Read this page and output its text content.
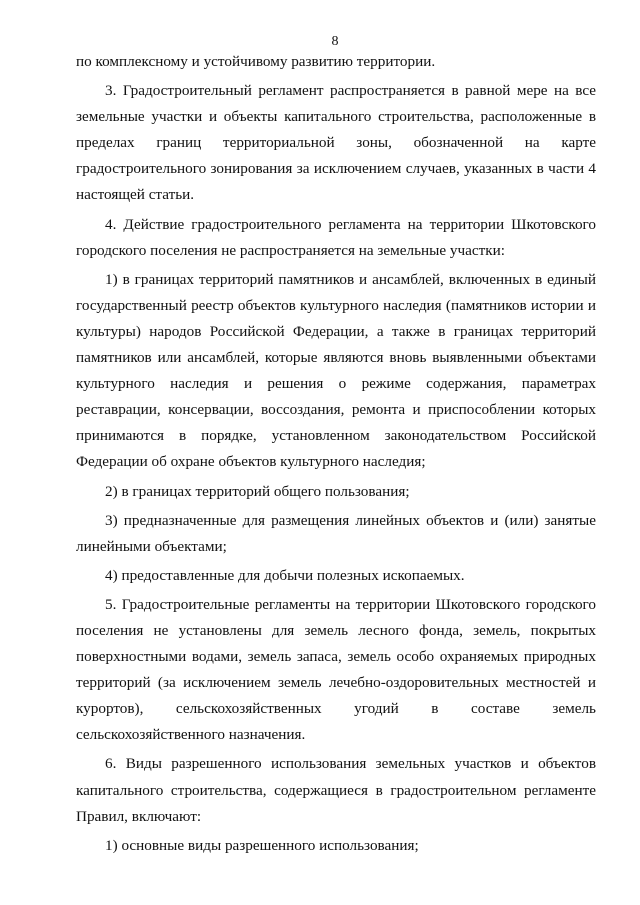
8

по комплексному и устойчивому развитию территории.

3. Градостроительный регламент распространяется в равной мере на все земельные участки и объекты капитального строительства, расположенные в пределах границ территориальной зоны, обозначенной на карте градостроительного зонирования за исключением случаев, указанных в части 4 настоящей статьи.

4. Действие градостроительного регламента на территории Шкотовского городского поселения не распространяется на земельные участки:

1) в границах территорий памятников и ансамблей, включенных в единый государственный реестр объектов культурного наследия (памятников истории и культуры) народов Российской Федерации, а также в границах территорий памятников или ансамблей, которые являются вновь выявленными объектами культурного наследия и решения о режиме содержания, параметрах реставрации, консервации, воссоздания, ремонта и приспособлении которых принимаются в порядке, установленном законодательством Российской Федерации об охране объектов культурного наследия;

2) в границах территорий общего пользования;

3) предназначенные для размещения линейных объектов и (или) занятые линейными объектами;

4) предоставленные для добычи полезных ископаемых.

5. Градостроительные регламенты на территории Шкотовского городского поселения не установлены для земель лесного фонда, земель, покрытых поверхностными водами, земель запаса, земель особо охраняемых природных территорий (за исключением земель лечебно-оздоровительных местностей и курортов), сельскохозяйственных угодий в составе земель сельскохозяйственного назначения.

6. Виды разрешенного использования земельных участков и объектов капитального строительства, содержащиеся в градостроительном регламенте Правил, включают:

1) основные виды разрешенного использования;
